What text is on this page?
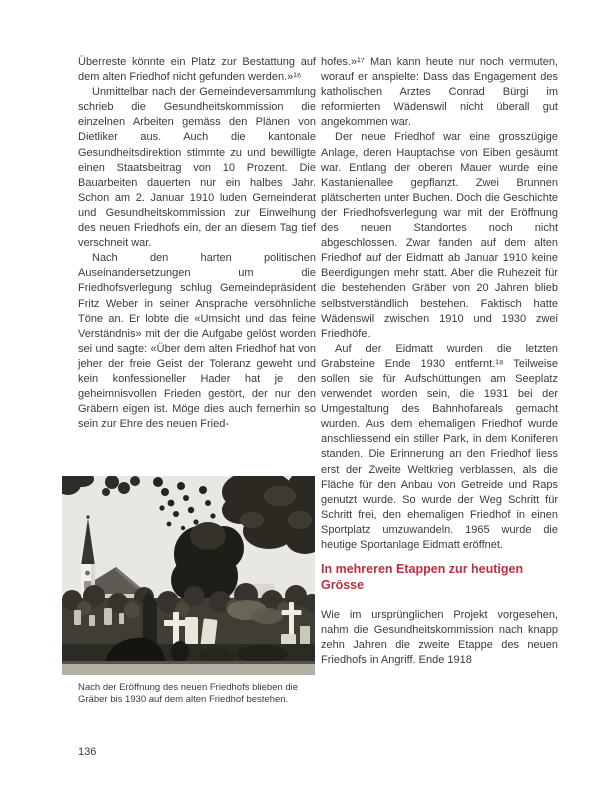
Überreste könnte ein Platz zur Bestattung auf dem alten Friedhof nicht gefunden werden.»¹⁶

Unmittelbar nach der Gemeindeversammlung schrieb die Gesundheitskommission die einzelnen Arbeiten gemäss den Plänen von Dietliker aus. Auch die kantonale Gesundheitsdirektion stimmte zu und bewilligte einen Staatsbeitrag von 10 Prozent. Die Bauarbeiten dauerten nur ein halbes Jahr. Schon am 2. Januar 1910 luden Gemeinderat und Gesundheitskommission zur Einweihung des neuen Friedhofs ein, der an diesem Tag tief verschneit war.

Nach den harten politischen Auseinandersetzungen um die Friedhofsverlegung schlug Gemeindepräsident Fritz Weber in seiner Ansprache versöhnliche Töne an. Er lobte die «Umsicht und das feine Verständnis» mit der die Aufgabe gelöst worden sei und sagte: «Über dem alten Friedhof hat von jeher der freie Geist der Toleranz geweht und kein konfessioneller Hader hat je den geheimnisvollen Frieden gestört, der nur den Gräbern eigen ist. Möge dies auch fernerhin so sein zur Ehre des neuen Fried-

Nach der Eröffnung des neuen Friedhofs blieben die Gräber bis 1930 auf dem alten Friedhof bestehen.

hofes.»¹⁷ Man kann heute nur noch vermuten, worauf er anspielte: Dass das Engagement des katholischen Arztes Conrad Bürgi im reformierten Wädenswil nicht überall gut angekommen war.

Der neue Friedhof war eine grosszügige Anlage, deren Hauptachse von Eiben gesäumt war. Entlang der oberen Mauer wurde eine Kastanienallee gepflanzt. Zwei Brunnen plätscherten unter Buchen. Doch die Geschichte der Friedhofsverlegung war mit der Eröffnung des neuen Standortes noch nicht abgeschlossen. Zwar fanden auf dem alten Friedhof auf der Eidmatt ab Januar 1910 keine Beerdigungen mehr statt. Aber die Ruhezeit für die bestehenden Gräber von 20 Jahren blieb selbstverständlich bestehen. Faktisch hatte Wädenswil zwischen 1910 und 1930 zwei Friedhöfe.

Auf der Eidmatt wurden die letzten Grabsteine Ende 1930 entfernt.¹⁸ Teilweise sollen sie für Aufschüttungen am Seeplatz verwendet worden sein, die 1931 bei der Umgestaltung des Bahnhofareals gemacht wurden. Aus dem ehemaligen Friedhof wurde anschliessend ein stiller Park, in dem Koniferen standen. Die Erinnerung an den Friedhof liess erst der Zweite Weltkrieg verblassen, als die Fläche für den Anbau von Getreide und Raps genutzt wurde. So wurde der Weg Schritt für Schritt frei, den ehemaligen Friedhof in einen Sportplatz umzuwandeln. 1965 wurde die heutige Sportanlage Eidmatt eröffnet.

In mehreren Etappen zur heutigen Grösse

Wie im ursprünglichen Projekt vorgesehen, nahm die Gesundheitskommission nach knapp zehn Jahren die zweite Etappe des neuen Friedhofs in Angriff. Ende 1918

136
